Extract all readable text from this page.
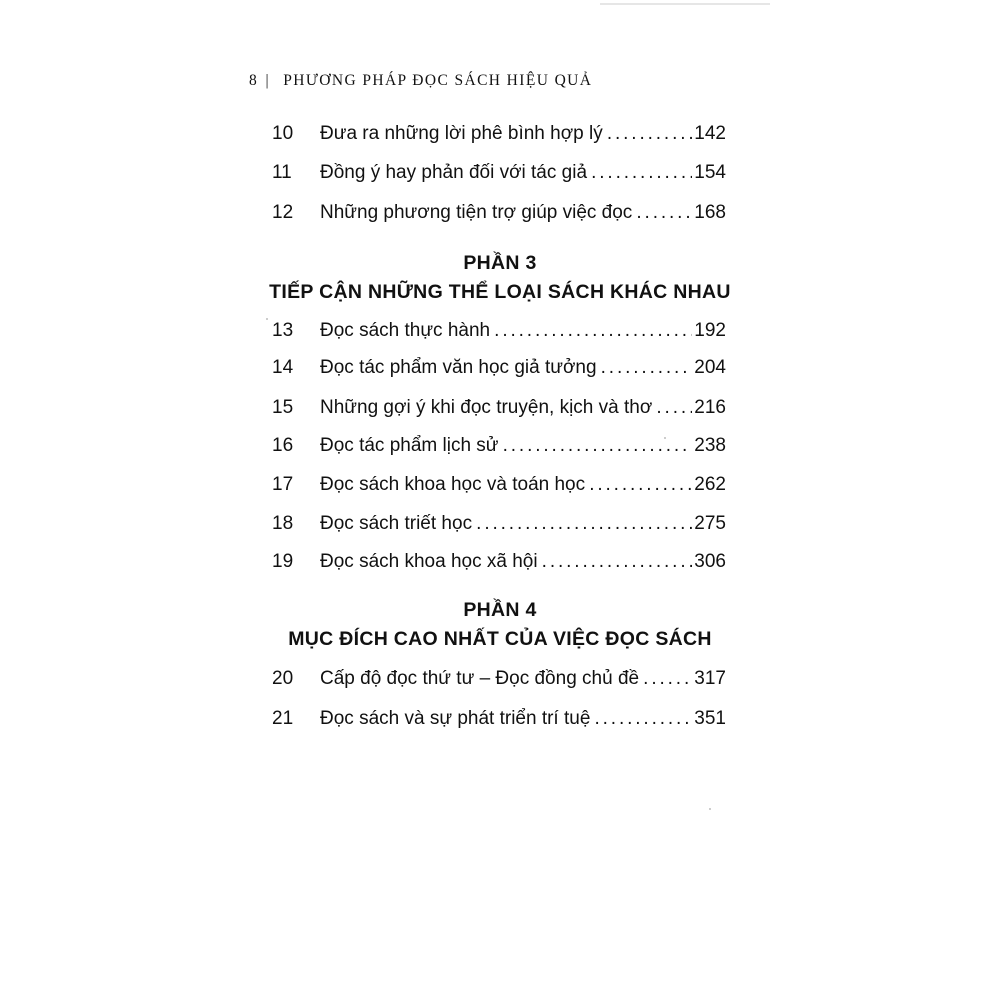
8 | PHƯƠNG PHÁP ĐỌC SÁCH HIỆU QUẢ
10 Đưa ra những lời phê bình hợp lý . . .	142
11 Đồng ý hay phản đối với tác giả . . .	154
12 Những phương tiện trợ giúp việc đọc . . .	168
PHẦN 3
TIẾP CẬN NHỮNG THỂ LOẠI SÁCH KHÁC NHAU
13 Đọc sách thực hành . . .	192
14 Đọc tác phẩm văn học giả tưởng . . .	204
15 Những gợi ý khi đọc truyện, kịch và thơ . . .	216
16 Đọc tác phẩm lịch sử . . .	238
17 Đọc sách khoa học và toán học . . .	262
18 Đọc sách triết học . . .	275
19 Đọc sách khoa học xã hội . . .	306
PHẦN 4
MỤC ĐÍCH CAO NHẤT CỦA VIỆC ĐỌC SÁCH
20 Cấp độ đọc thứ tư – Đọc đồng chủ đề . . .	317
21 Đọc sách và sự phát triển trí tuệ . . .	351
